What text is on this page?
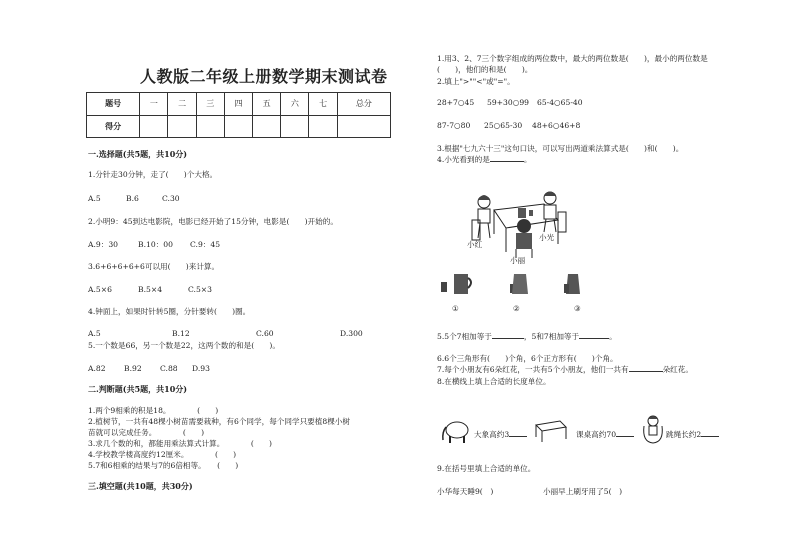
人教版二年级上册数学期末测试卷
题号	一	二	三	四	五	六	七	总分
得分								
一.选择题(共5题，共10分)
1.分针走30分钟，走了(　　)个大格。
A.5	B.6	C.30
2.小明9：45到达电影院，电影已经开始了15分钟，电影是(　　)开始的。
A.9：30	B.10：00 C.9：45
3.6+6+6+6+6可以用(　　)来计算。
A.5×6	B.5×4	C.5×3
4.钟面上，如果时针转5圈，分针要转(　　)圈。
A.5	B.12	C.60	D.300
5.一个数是66，另一个数是22，这两个数的和是(　　)。
A.82 B.92 C.88 D.93
二.判断题(共5题，共10分)
1.两个9相乘的积是18。　　　　(　　)
2.植树节，一共有48棵小树苗需要栽种，有6个同学，每个同学只要植8棵小树
苗就可以完成任务。　　　　(　　)
3.求几个数的和，都能用乘法算式计算。　　　　(　　)
4.学校教学楼高度约12厘米。　　　　(　　)
5.7和6相乘的结果与7的6倍相等。　　(　　)
三.填空题(共10题，共30分)
1.用3、2、7三个数字组成的两位数中，最大的两位数是(　　)，最小的两位数是
(　　)，他们的和是(　　)。
2.填上">""<"或"="。
28+7○45 59+30○99 65-4○65-40
87-7○80 25○65-30 48+6○46+8
3.根据"七九六十三"这句口诀，可以写出两道乘法算式是(　　)和(　　)。
4.小光看到的是	。
小红
小光
小丽
①	②	③
5.5个7相加等于	，5和7相加等于	。
6.6个三角形有(　　)个角，6个正方形有(　　)个角。
7.每个小朋友有6朵红花，一共有5个小朋友，他们一共有	朵红花。
8.在横线上填上合适的长度单位。
大象高约3	课桌高约70	跳绳长约2
9.在括号里填上合适的单位。
小华每天睡9(　)	小丽早上刷牙用了5(　)
